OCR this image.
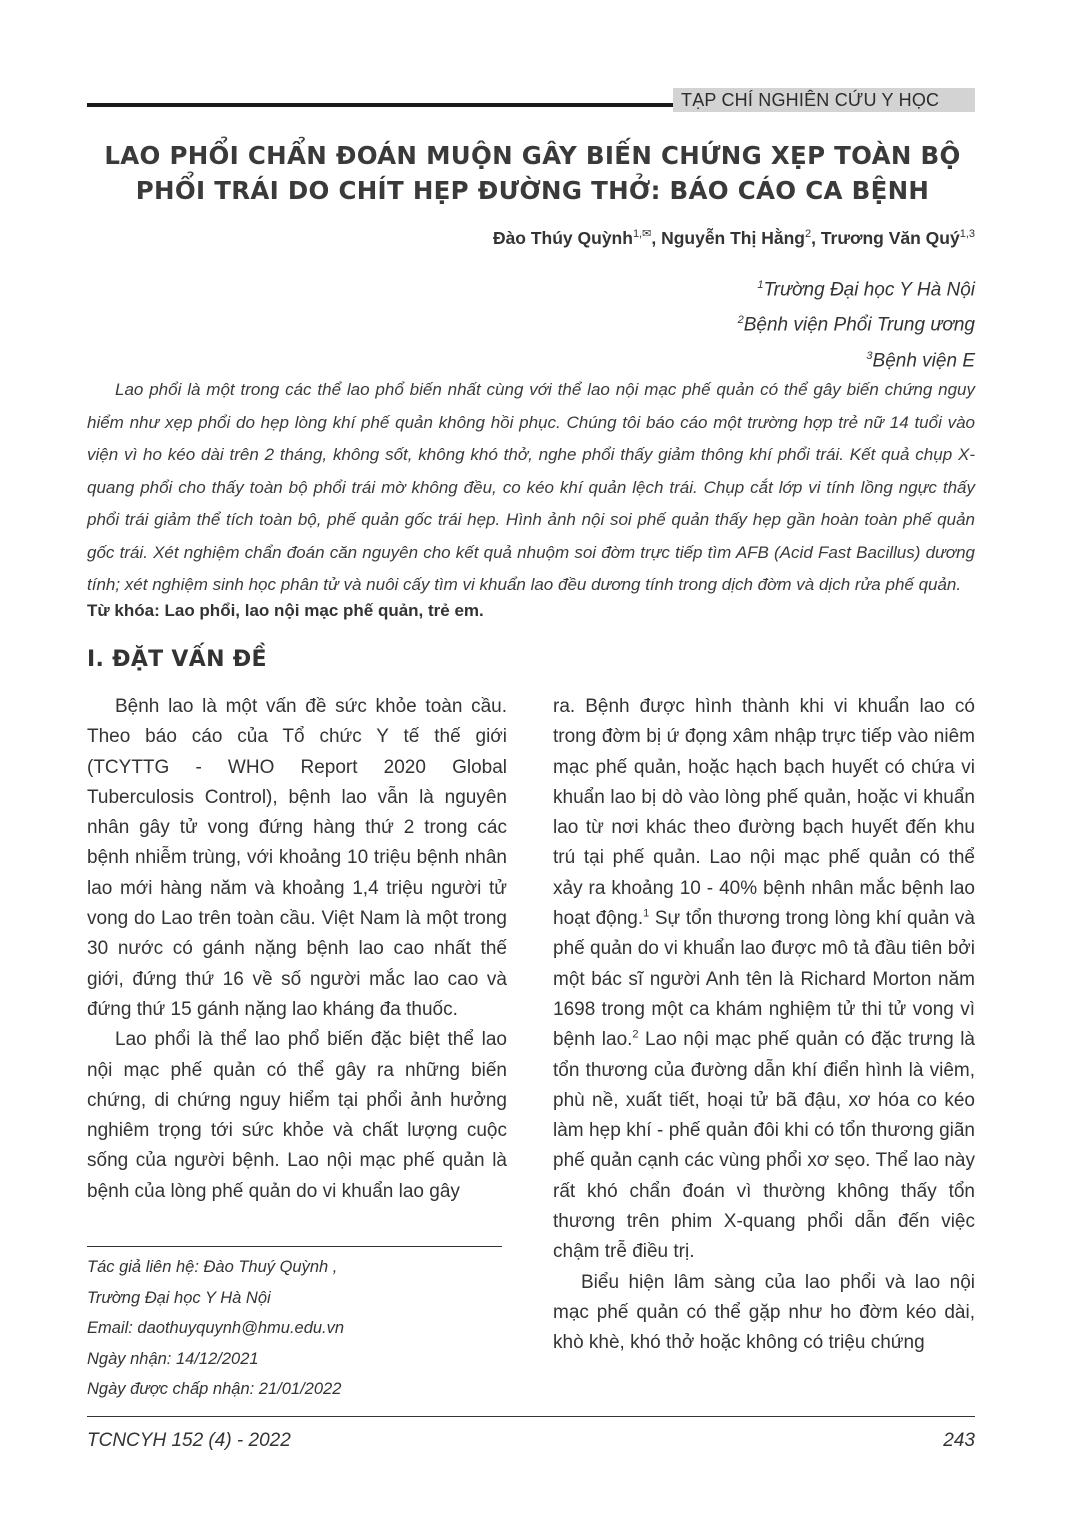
TẠP CHÍ NGHIÊN CỨU Y HỌC
LAO PHỔI CHẨN ĐOÁN MUỘN GÂY BIẾN CHỨNG XẸP TOÀN BỘ
PHỔI TRÁI DO CHÍT HẸP ĐƯỜNG THỞ: BÁO CÁO CA BỆNH
Đào Thúy Quỳnh$^{1,✉}$, Nguyễn Thị Hằng$^2$, Trương Văn Quý$^{1,3}$
$^1$Trường Đại học Y Hà Nội
$^2$Bệnh viện Phổi Trung ương
$^3$Bệnh viện E
Lao phổi là một trong các thể lao phổ biến nhất cùng với thể lao nội mạc phế quản có thể gây biến chứng nguy hiểm như xẹp phổi do hẹp lòng khí phế quản không hồi phục. Chúng tôi báo cáo một trường hợp trẻ nữ 14 tuổi vào viện vì ho kéo dài trên 2 tháng, không sốt, không khó thở, nghe phổi thấy giảm thông khí phổi trái. Kết quả chụp X-quang phổi cho thấy toàn bộ phổi trái mờ không đều, co kéo khí quản lệch trái. Chụp cắt lớp vi tính lồng ngực thấy phổi trái giảm thể tích toàn bộ, phế quản gốc trái hẹp. Hình ảnh nội soi phế quản thấy hẹp gần hoàn toàn phế quản gốc trái. Xét nghiệm chẩn đoán căn nguyên cho kết quả nhuộm soi đờm trực tiếp tìm AFB (Acid Fast Bacillus) dương tính; xét nghiệm sinh học phân tử và nuôi cấy tìm vi khuẩn lao đều dương tính trong dịch đờm và dịch rửa phế quản.
Từ khóa: Lao phổi, lao nội mạc phế quản, trẻ em.
I. ĐẶT VẤN ĐỀ

Bệnh lao là một vấn đề sức khỏe toàn cầu. Theo báo cáo của Tổ chức Y tế thế giới (TCYTTG - WHO Report 2020 Global Tuberculosis Control), bệnh lao vẫn là nguyên nhân gây tử vong đứng hàng thứ 2 trong các bệnh nhiễm trùng, với khoảng 10 triệu bệnh nhân lao mới hàng năm và khoảng 1,4 triệu người tử vong do Lao trên toàn cầu. Việt Nam là một trong 30 nước có gánh nặng bệnh lao cao nhất thế giới, đứng thứ 16 về số người mắc lao cao và đứng thứ 15 gánh nặng lao kháng đa thuốc.

Lao phổi là thể lao phổ biến đặc biệt thể lao nội mạc phế quản có thể gây ra những biến chứng, di chứng nguy hiểm tại phổi ảnh hưởng nghiêm trọng tới sức khỏe và chất lượng cuộc sống của người bệnh. Lao nội mạc phế quản là bệnh của lòng phế quản do vi khuẩn lao gây

Tác giả liên hệ: Đào Thuý Quỳnh ,
Trường Đại học Y Hà Nội
Email: daothuyquynh@hmu.edu.vn
Ngày nhận: 14/12/2021
Ngày được chấp nhận: 21/01/2022

ra. Bệnh được hình thành khi vi khuẩn lao có trong đờm bị ứ đọng xâm nhập trực tiếp vào niêm mạc phế quản, hoặc hạch bạch huyết có chứa vi khuẩn lao bị dò vào lòng phế quản, hoặc vi khuẩn lao từ nơi khác theo đường bạch huyết đến khu trú tại phế quản. Lao nội mạc phế quản có thể xảy ra khoảng 10 - 40% bệnh nhân mắc bệnh lao hoạt động.$^1$ Sự tổn thương trong lòng khí quản và phế quản do vi khuẩn lao được mô tả đầu tiên bởi một bác sĩ người Anh tên là Richard Morton năm 1698 trong một ca khám nghiệm tử thi tử vong vì bệnh lao.$^2$ Lao nội mạc phế quản có đặc trưng là tổn thương của đường dẫn khí điển hình là viêm, phù nề, xuất tiết, hoại tử bã đậu, xơ hóa co kéo làm hẹp khí - phế quản đôi khi có tổn thương giãn phế quản cạnh các vùng phổi xơ sẹo. Thể lao này rất khó chẩn đoán vì thường không thấy tổn thương trên phim X-quang phổi dẫn đến việc chậm trễ điều trị.

Biểu hiện lâm sàng của lao phổi và lao nội mạc phế quản có thể gặp như ho đờm kéo dài, khò khè, khó thở hoặc không có triệu chứng

TCNCYH 152 (4) - 2022	243
